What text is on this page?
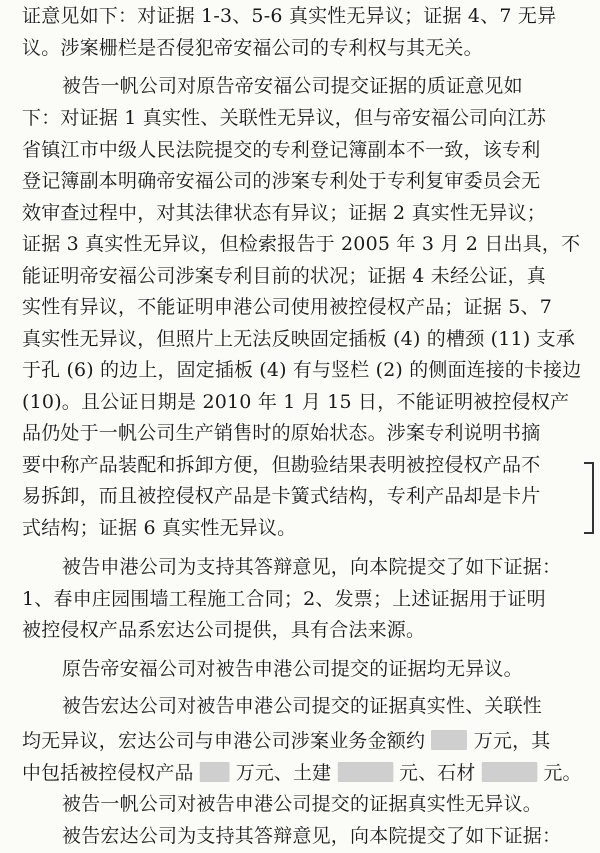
证意见如下：对证据 1-3、5-6 真实性无异议；证据 4、7 无异
议。涉案栅栏是否侵犯帝安福公司的专利权与其无关。
被告一帆公司对原告帝安福公司提交证据的质证意见如
下：对证据 1 真实性、关联性无异议，但与帝安福公司向江苏
省镇江市中级人民法院提交的专利登记簿副本不一致，该专利
登记簿副本明确帝安福公司的涉案专利处于专利复审委员会无
效审查过程中，对其法律状态有异议；证据 2 真实性无异议；
证据 3 真实性无异议，但检索报告于 2005 年 3 月 2 日出具，不
能证明帝安福公司涉案专利目前的状况；证据 4 未经公证，真
实性有异议，不能证明申港公司使用被控侵权产品；证据 5、7
真实性无异议，但照片上无法反映固定插板 (4) 的槽颈 (11) 支承
于孔 (6) 的边上，固定插板 (4) 有与竖栏 (2) 的侧面连接的卡接边
(10)。且公证日期是 2010 年 1 月 15 日，不能证明被控侵权产
品仍处于一帆公司生产销售时的原始状态。涉案专利说明书摘
要中称产品装配和拆卸方便，但勘验结果表明被控侵权产品不
易拆卸，而且被控侵权产品是卡簧式结构，专利产品却是卡片
式结构；证据 6 真实性无异议。
被告申港公司为支持其答辩意见，向本院提交了如下证据：
1、春申庄园围墙工程施工合同；2、发票；上述证据用于证明
被控侵权产品系宏达公司提供，具有合法来源。
原告帝安福公司对被告申港公司提交的证据均无异议。
被告宏达公司对被告申港公司提交的证据真实性、关联性
均无异议，宏达公司与申港公司涉案业务金额约	万元，其
中包括被控侵权产品 万元、土建	元、石材	元。
被告一帆公司对被告申港公司提交的证据真实性无异议。
被告宏达公司为支持其答辩意见，向本院提交了如下证据：
